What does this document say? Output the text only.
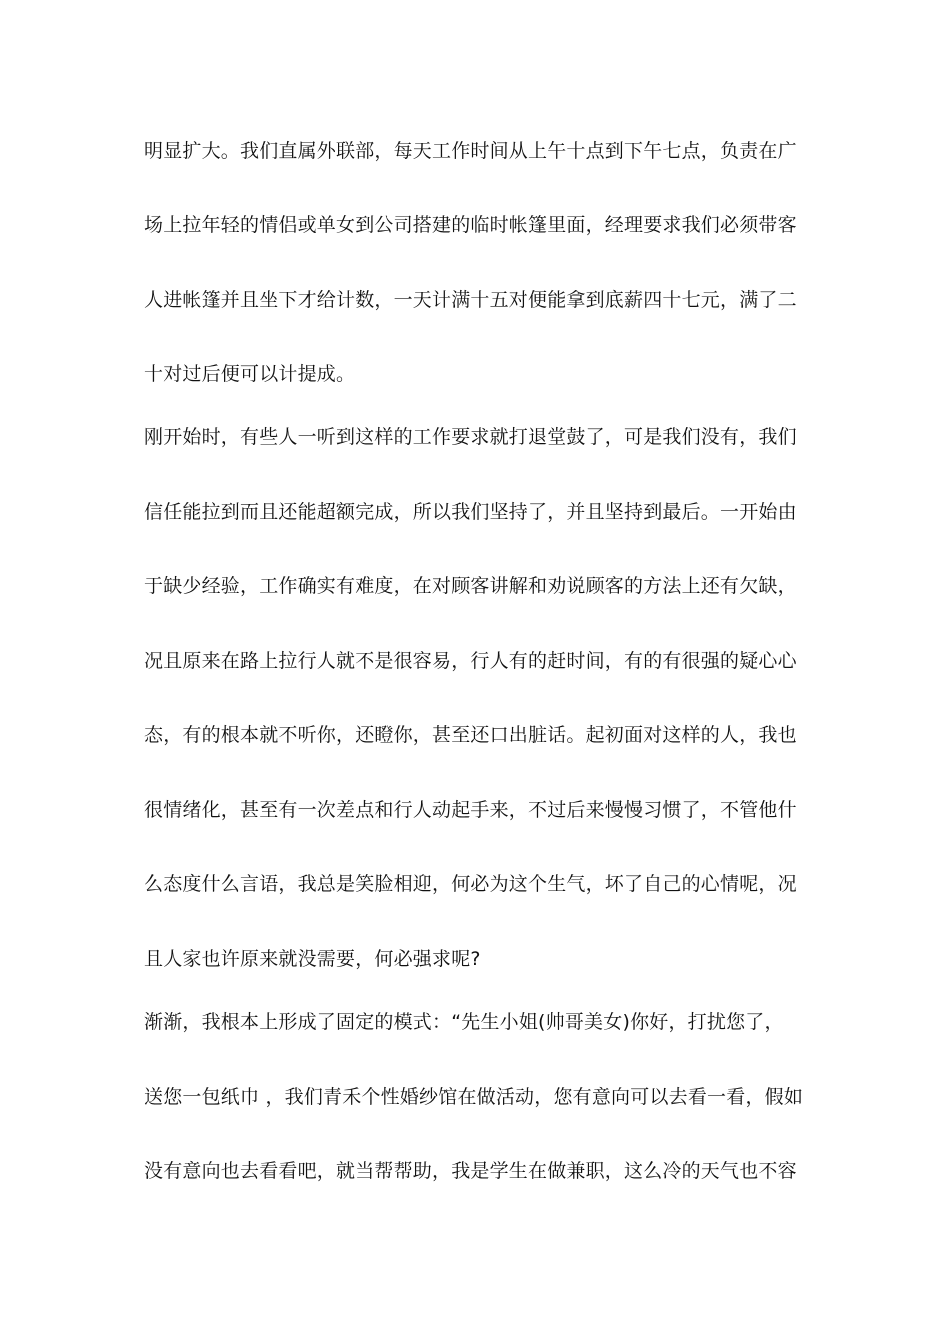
明显扩大。我们直属外联部，每天工作时间从上午十点到下午七点，负责在广
场上拉年轻的情侣或单女到公司搭建的临时帐篷里面，经理要求我们必须带客
人进帐篷并且坐下才给计数，一天计满十五对便能拿到底薪四十七元，满了二
十对过后便可以计提成。
刚开始时，有些人一听到这样的工作要求就打退堂鼓了，可是我们没有，我们
信任能拉到而且还能超额完成，所以我们坚持了，并且坚持到最后。一开始由
于缺少经验，工作确实有难度，在对顾客讲解和劝说顾客的方法上还有欠缺，
况且原来在路上拉行人就不是很容易，行人有的赶时间，有的有很强的疑心心
态，有的根本就不听你，还瞪你，甚至还口出脏话。起初面对这样的人，我也
很情绪化，甚至有一次差点和行人动起手来，不过后来慢慢习惯了，不管他什
么态度什么言语，我总是笑脸相迎，何必为这个生气，坏了自己的心情呢，况
且人家也许原来就没需要，何必强求呢?
渐渐，我根本上形成了固定的模式：“先生小姐(帅哥美女)你好，打扰您了，
送您一包纸巾 ，我们青禾个性婚纱馆在做活动，您有意向可以去看一看，假如
没有意向也去看看吧，就当帮帮助，我是学生在做兼职，这么冷的天气也不容
